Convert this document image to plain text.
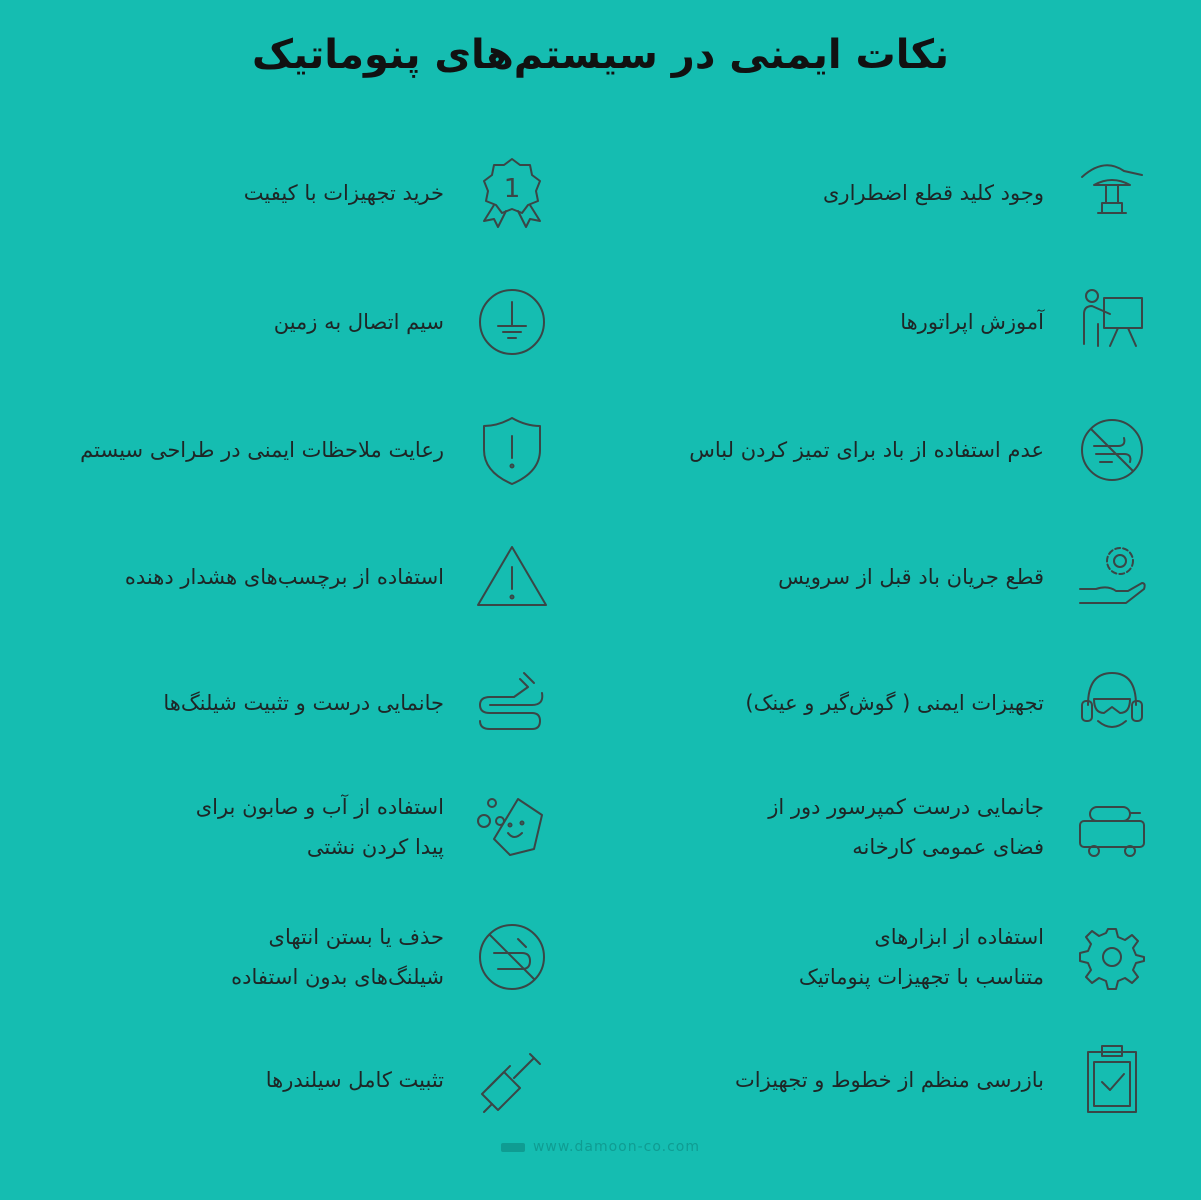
نکات ایمنی در سیستم‌های پنوماتیک
وجود کلید قطع اضطراری
آموزش اپراتورها
عدم استفاده از باد برای تمیز کردن لباس
قطع جریان باد قبل از سرویس
تجهیزات ایمنی ( گوش‌گیر و عینک)
جانمایی درست کمپرسور دور از
فضای عمومی کارخانه
استفاده از ابزارهای
متناسب با تجهیزات پنوماتیک
بازرسی منظم از خطوط و تجهیزات
خرید تجهیزات با کیفیت 1
سیم اتصال به زمین
رعایت ملاحظات ایمنی در طراحی سیستم
استفاده از برچسب‌های هشدار دهنده
جانمایی درست و تثبیت شیلنگ‌ها
استفاده از آب و صابون برای
پیدا کردن نشتی
حذف یا بستن انتهای
شیلنگ‌های بدون استفاده
تثبیت کامل سیلندرها
www.damoon-co.com
